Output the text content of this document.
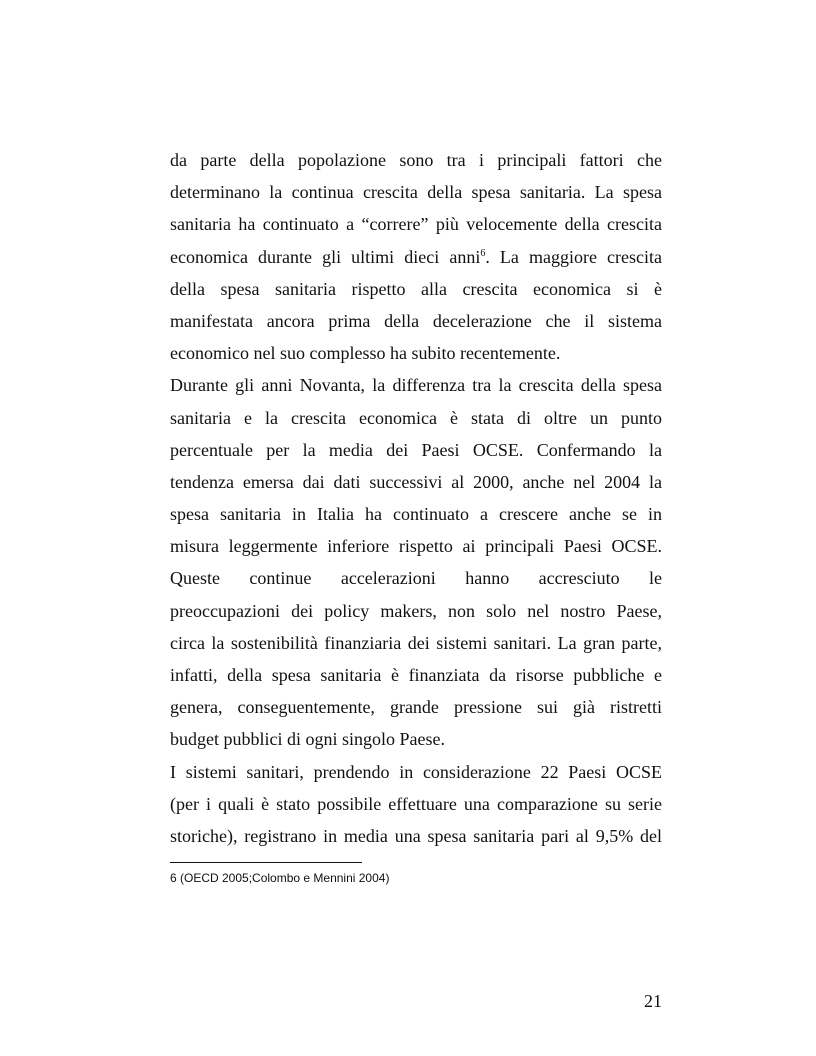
da parte della popolazione sono tra i principali fattori che
determinano la continua crescita della spesa sanitaria. La spesa
sanitaria ha continuato a “correre” più velocemente della crescita
economica durante gli ultimi dieci anni$^6$. La maggiore crescita
della spesa sanitaria rispetto alla crescita economica si è
manifestata ancora prima della decelerazione che il sistema
economico nel suo complesso ha subito recentemente.

Durante gli anni Novanta, la differenza tra la crescita della spesa
sanitaria e la crescita economica è stata di oltre un punto
percentuale per la media dei Paesi OCSE. Confermando la
tendenza emersa dai dati successivi al 2000, anche nel 2004 la
spesa sanitaria in Italia ha continuato a crescere anche se in
misura leggermente inferiore rispetto ai principali Paesi OCSE.
Queste continue accelerazioni hanno accresciuto le
preoccupazioni dei policy makers, non solo nel nostro Paese,
circa la sostenibilità finanziaria dei sistemi sanitari. La gran parte,
infatti, della spesa sanitaria è finanziata da risorse pubbliche e
genera, conseguentemente, grande pressione sui già ristretti
budget pubblici di ogni singolo Paese.

I sistemi sanitari, prendendo in considerazione 22 Paesi OCSE
(per i quali è stato possibile effettuare una comparazione su serie
storiche), registrano in media una spesa sanitaria pari al 9,5% del

6 (OECD 2005;Colombo e Mennini 2004)
21
